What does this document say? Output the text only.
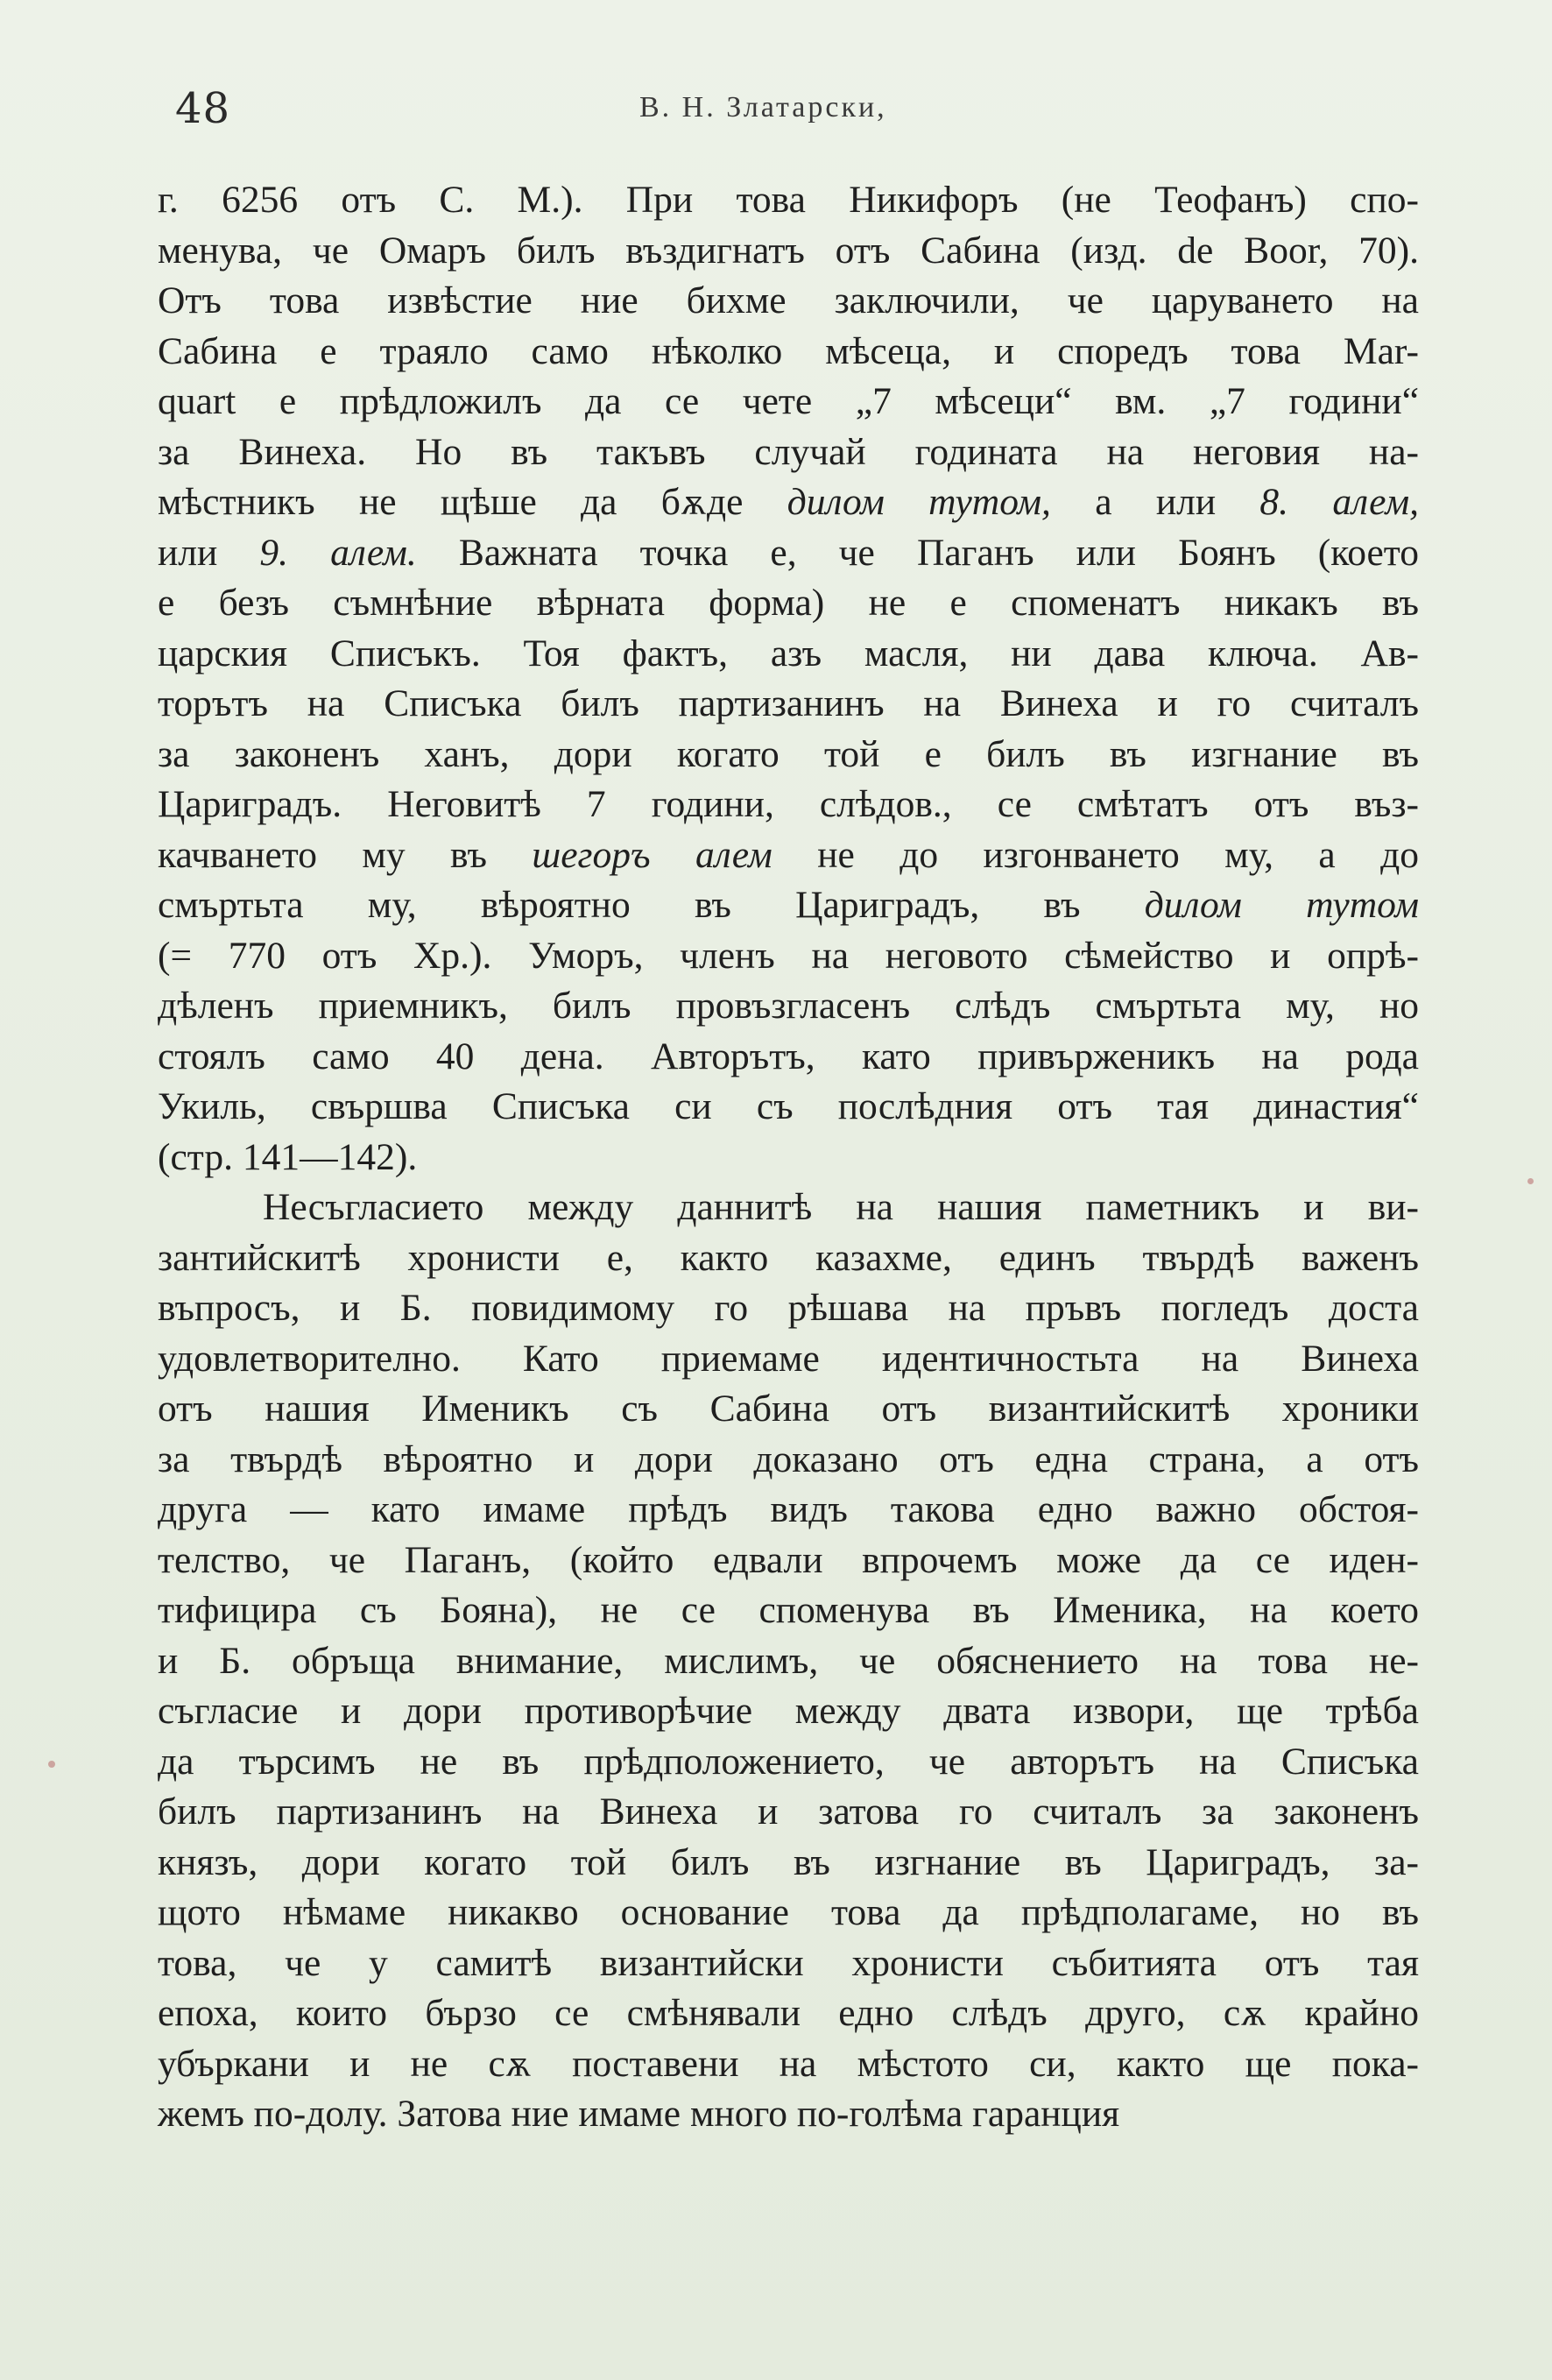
48	В. Н. Златарски,
г. 6256 отъ С. М.). При това Никифоръ (не Теофанъ) спо-
менува, че Омаръ билъ въздигнатъ отъ Сабина (изд. de Boor, 70).
Отъ това извѣстие ние бихме заключили, че царуването на
Сабина е траяло само нѣколко мѣсеца, и споредъ това Mar-
quart е прѣдложилъ да се чете „7 мѣсеци“ вм. „7 години“
за Винеха. Но въ такъвъ случай годината на неговия на-
мѣстникъ не щѣше да бѫде дилом тутом, а или 8. алем,
или 9. алем. Важната точка е, че Паганъ или Боянъ (което
е безъ съмнѣние вѣрната форма) не е споменатъ никакъ въ
царския Списъкъ. Тоя фактъ, азъ масля, ни дава ключа. Ав-
торътъ на Списъка билъ партизанинъ на Винеха и го считалъ
за законенъ ханъ, дори когато той е билъ въ изгнание въ
Цариградъ. Неговитѣ 7 години, слѣдов., се смѣтатъ отъ въз-
качването му въ шегоръ алем не до изгонването му, а до
смъртьта му, вѣроятно въ Цариградъ, въ дилом тутом
(= 770 отъ Хр.). Уморъ, членъ на неговото сѣмейство и опрѣ-
дѣленъ приемникъ, билъ провъзгласенъ слѣдъ смъртьта му, но
стоялъ само 40 дена. Авторътъ, като привърженикъ на рода
Укиль, свършва Списъка си съ послѣдния отъ тая династия“
(стр. 141—142).
Несъгласието между даннитѣ на нашия паметникъ и ви-
зантийскитѣ хронисти е, както казахме, единъ твърдѣ важенъ
въпросъ, и Б. повидимому го рѣшава на пръвъ погледъ доста
удовлетворително. Като приемаме идентичностьта на Винеха
отъ нашия Именикъ съ Сабина отъ византийскитѣ хроники
за твърдѣ вѣроятно и дори доказано отъ една страна, а отъ
друга — като имаме прѣдъ видъ такова едно важно обстоя-
телство, че Паганъ, (който едвали впрочемъ може да се иден-
тифицира съ Бояна), не се споменува въ Именика, на което
и Б. обръща внимание, мислимъ, че обяснението на това не-
съгласие и дори противорѣчие между двата извори, ще трѣба
да търсимъ не въ прѣдположението, че авторътъ на Списъка
билъ партизанинъ на Винеха и затова го считалъ за законенъ
князъ, дори когато той билъ въ изгнание въ Цариградъ, за-
щото нѣмаме никакво основание това да прѣдполагаме, но въ
това, че у самитѣ византийски хронисти събитията отъ тая
епоха, които бързо се смѣнявали едно слѣдъ друго, сѫ крайно
убъркани и не сѫ поставени на мѣстото си, както ще пока-
жемъ по-долу. Затова ние имаме много по-голѣма гаранция
